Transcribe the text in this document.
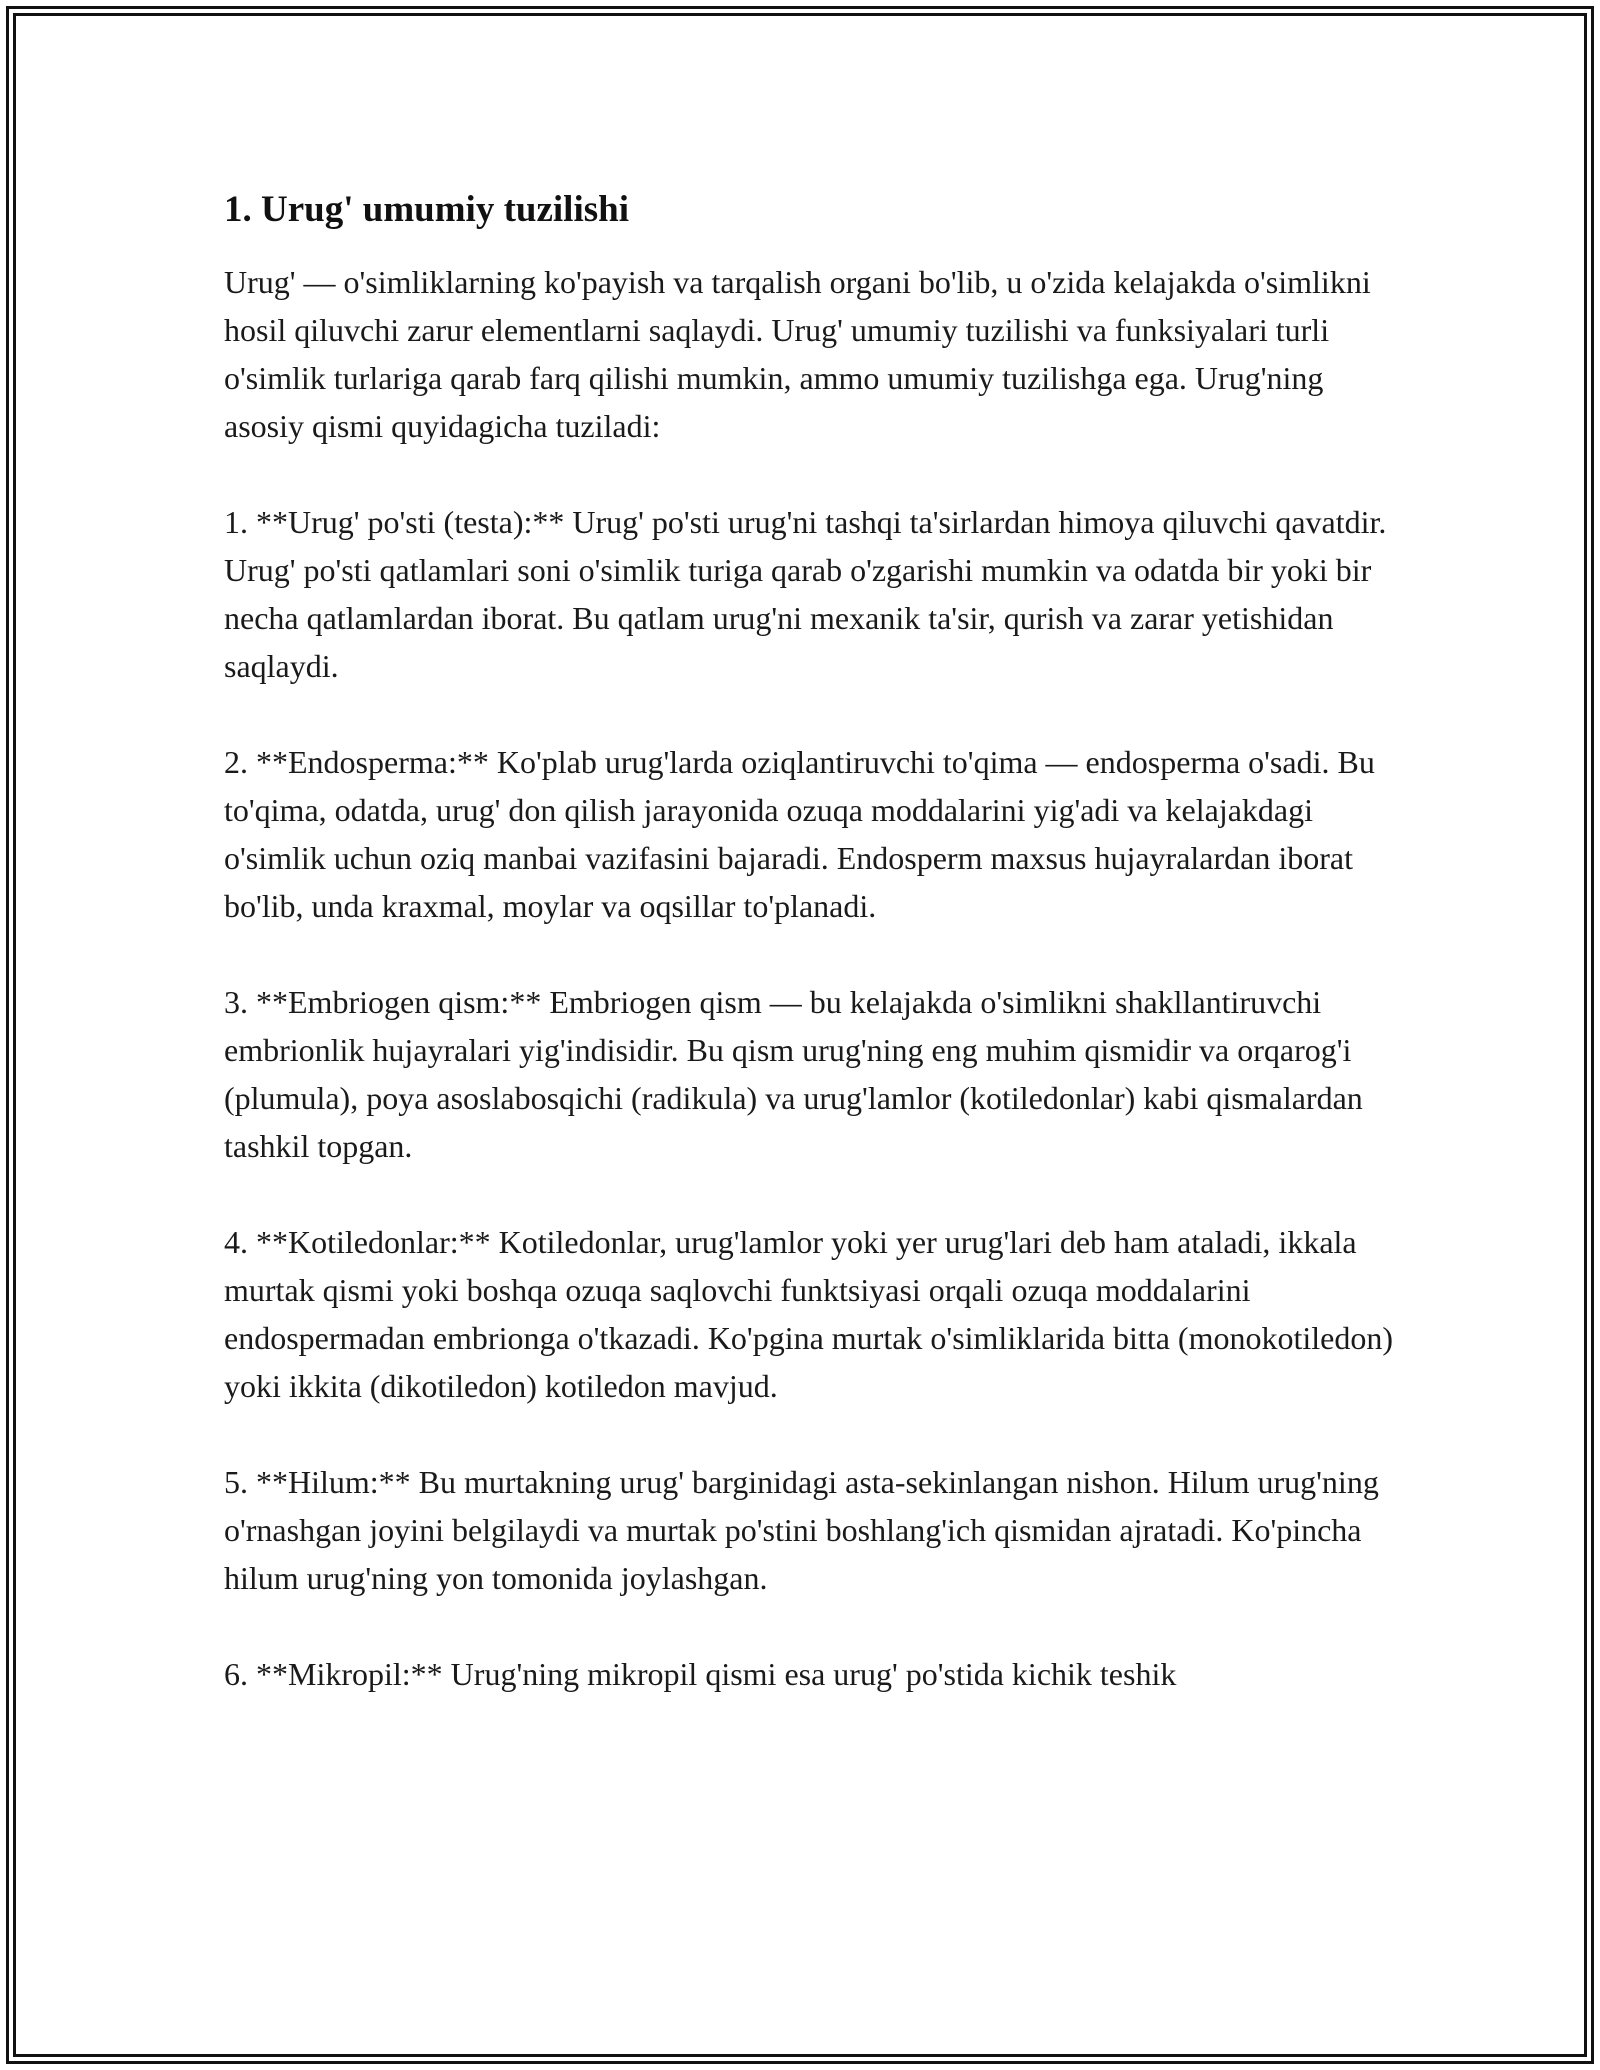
1. Urug' umumiy tuzilishi

Urug' — o'simliklarning ko'payish va tarqalish organi bo'lib, u o'zida kelajakda o'simlikni hosil qiluvchi zarur elementlarni saqlaydi. Urug' umumiy tuzilishi va funksiyalari turli o'simlik turlariga qarab farq qilishi mumkin, ammo umumiy tuzilishga ega. Urug'ning asosiy qismi quyidagicha tuziladi:

1. **Urug' po'sti (testa):** Urug' po'sti urug'ni tashqi ta'sirlardan himoya qiluvchi qavatdir. Urug' po'sti qatlamlari soni o'simlik turiga qarab o'zgarishi mumkin va odatda bir yoki bir necha qatlamlardan iborat. Bu qatlam urug'ni mexanik ta'sir, qurish va zarar yetishidan saqlaydi.

2. **Endosperma:** Ko'plab urug'larda oziqlantiruvchi to'qima — endosperma o'sadi. Bu to'qima, odatda, urug' don qilish jarayonida ozuqa moddalarini yig'adi va kelajakdagi o'simlik uchun oziq manbai vazifasini bajaradi. Endosperm maxsus hujayralardan iborat bo'lib, unda kraxmal, moylar va oqsillar to'planadi.

3. **Embriogen qism:** Embriogen qism — bu kelajakda o'simlikni shakllantiruvchi embrionlik hujayralari yig'indisidir. Bu qism urug'ning eng muhim qismidir va orqarog'i (plumula), poya asoslabosqichi (radikula) va urug'lamlor (kotiledonlar) kabi qismalardan tashkil topgan.

4. **Kotiledonlar:** Kotiledonlar, urug'lamlor yoki yer urug'lari deb ham ataladi, ikkala murtak qismi yoki boshqa ozuqa saqlovchi funktsiyasi orqali ozuqa moddalarini endospermadan embrionga o'tkazadi. Ko'pgina murtak o'simliklarida bitta (monokotiledon) yoki ikkita (dikotiledon) kotiledon mavjud.

5. **Hilum:** Bu murtakning urug' barginidagi asta-sekinlangan nishon. Hilum urug'ning o'rnashgan joyini belgilaydi va murtak po'stini boshlang'ich qismidan ajratadi. Ko'pincha hilum urug'ning yon tomonida joylashgan.

6. **Mikropil:** Urug'ning mikropil qismi esa urug' po'stida kichik teshik
